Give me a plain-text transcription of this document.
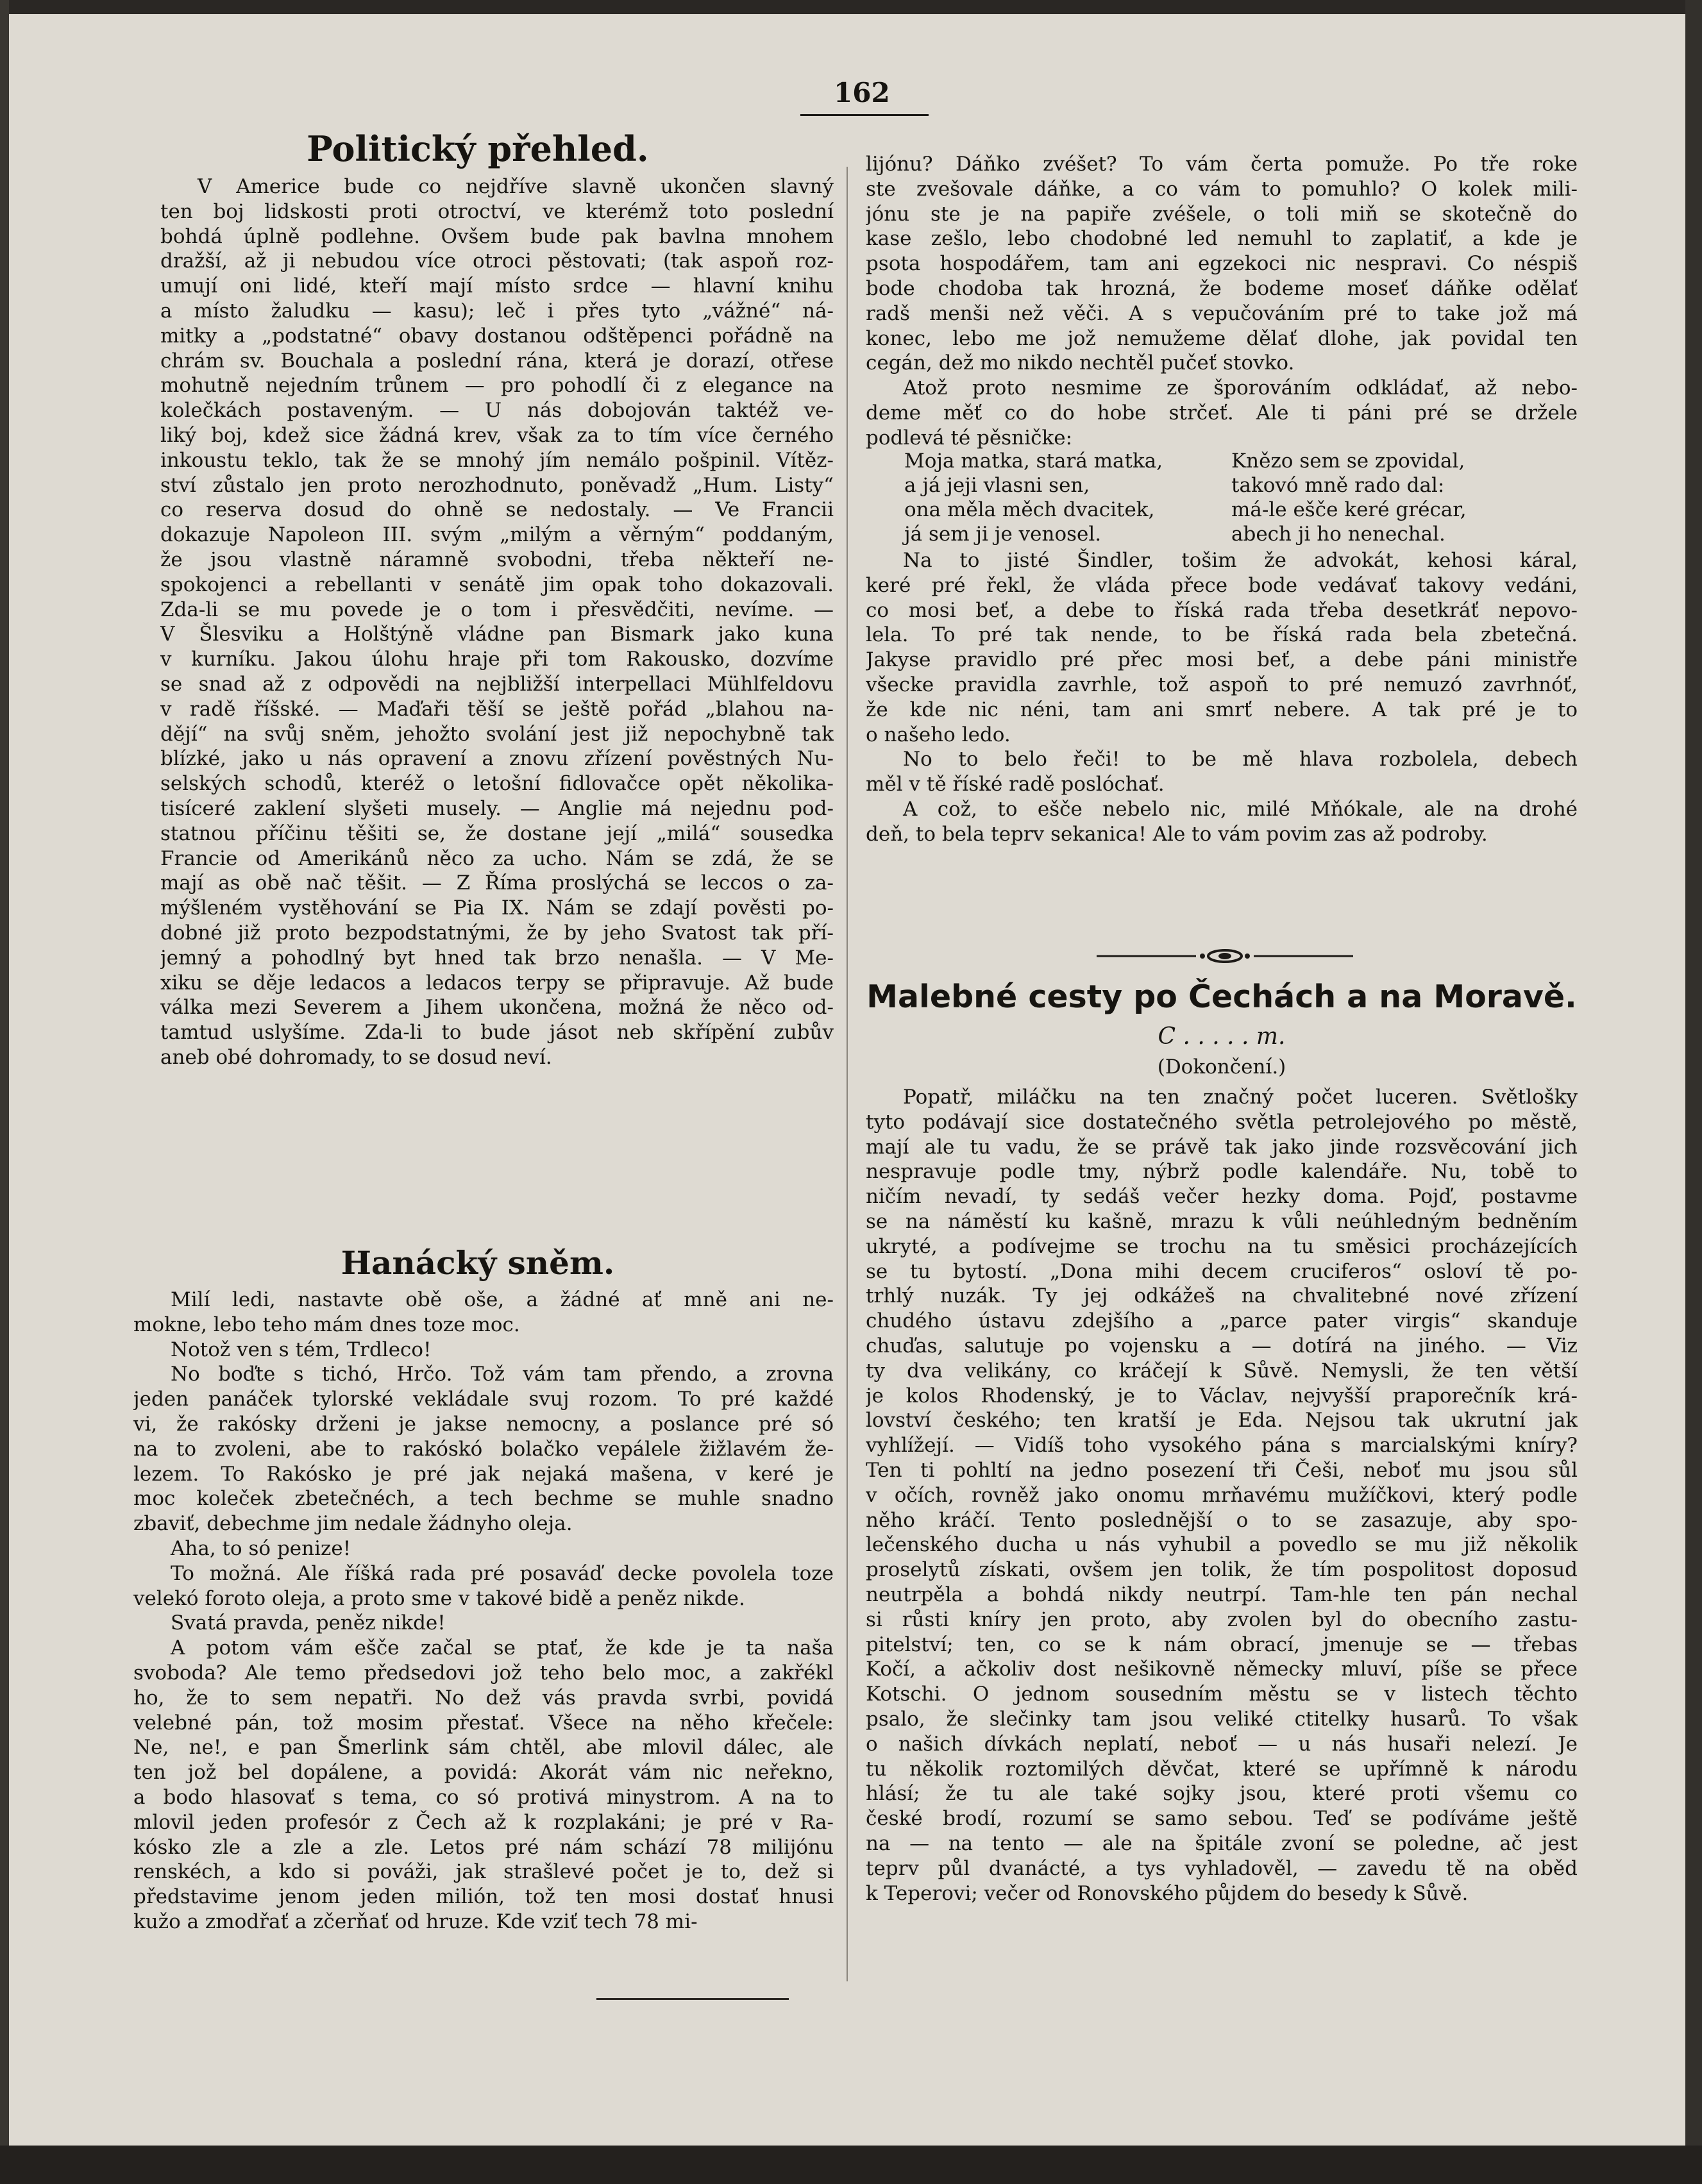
162
Politický přehled.
V Americe bude co nejdříve slavně ukončen slavný
ten boj lidskosti proti otroctví, ve kterémž toto poslední
bohdá úplně podlehne. Ovšem bude pak bavlna mnohem
dražší, až ji nebudou více otroci pěstovati; (tak aspoň roz-
umují oni lidé, kteří mají místo srdce — hlavní knihu
a místo žaludku — kasu); leč i přes tyto „vážné“ ná-
mitky a „podstatné“ obavy dostanou odštěpenci pořádně na
chrám sv. Bouchala a poslední rána, která je dorazí, otřese
mohutně nejedním trůnem — pro pohodlí či z elegance na
kolečkách postaveným. — U nás dobojován taktéž ve-
liký boj, kdež sice žádná krev, však za to tím více černého
inkoustu teklo, tak že se mnohý jím nemálo pošpinil. Vítěz-
ství zůstalo jen proto nerozhodnuto, poněvadž „Hum. Listy“
co reserva dosud do ohně se nedostaly. — Ve Francii
dokazuje Napoleon III. svým „milým a věrným“ poddaným,
že jsou vlastně náramně svobodni, třeba někteří ne-
spokojenci a rebellanti v senátě jim opak toho dokazovali.
Zda-li se mu povede je o tom i přesvědčiti, nevíme. —
V Šlesviku a Holštýně vládne pan Bismark jako kuna
v kurníku. Jakou úlohu hraje při tom Rakousko, dozvíme
se snad až z odpovědi na nejbližší interpellaci Mühlfeldovu
v radě říšské. — Maďaři těší se ještě pořád „blahou na-
dějí“ na svůj sněm, jehožto svolání jest již nepochybně tak
blízké, jako u nás opravení a znovu zřízení pověstných Nu-
selských schodů, kteréž o letošní fidlovačce opět několika-
tisíceré zaklení slyšeti musely. — Anglie má nejednu pod-
statnou příčinu těšiti se, že dostane její „milá“ sousedka
Francie od Amerikánů něco za ucho. Nám se zdá, že se
mají as obě nač těšit. — Z Říma proslýchá se leccos o za-
mýšleném vystěhování se Pia IX. Nám se zdají pověsti po-
dobné již proto bezpodstatnými, že by jeho Svatost tak pří-
jemný a pohodlný byt hned tak brzo nenašla. — V Me-
xiku se děje ledacos a ledacos terpy se připravuje. Až bude
válka mezi Severem a Jihem ukončena, možná že něco od-
tamtud uslyšíme. Zda-li to bude jásot neb skřípění zubův
aneb obé dohromady, to se dosud neví.
Hanácký sněm.
Milí ledi, nastavte obě oše, a žádné ať mně ani ne-
mokne, lebo teho mám dnes toze moc.
Notož ven s tém, Trdleco!
No boďte s tichó, Hrčo. Tož vám tam přendo, a zrovna
jeden panáček tylorské vekládale svuj rozom. To pré každé
vi, že rakósky drženi je jakse nemocny, a poslance pré só
na to zvoleni, abe to rakóskó bolačko vepálele žižlavém že-
lezem. To Rakósko je pré jak nejaká mašena, v keré je
moc koleček zbetečnéch, a tech bechme se muhle snadno
zbaviť, debechme jim nedale žádnyho oleja.
Aha, to só penize!
To možná. Ale říšká rada pré posaváď decke povolela toze
velekó foroto oleja, a proto sme v takové bidě a peněz nikde.
Svatá pravda, peněz nikde!
A potom vám ešče začal se ptať, že kde je ta naša
svoboda? Ale temo předsedovi jož teho belo moc, a zakřékl
ho, že to sem nepatři. No dež vás pravda svrbi, povidá
velebné pán, tož mosim přestať. Všece na něho křečele:
Ne, ne!, e pan Šmerlink sám chtěl, abe mlovil dálec, ale
ten jož bel dopálene, a povidá: Akorát vám nic neřekno,
a bodo hlasovať s tema, co só protivá minystrom. A na to
mlovil jeden profesór z Čech až k rozplakáni; je pré v Ra-
kósko zle a zle a zle. Letos pré nám schází 78 milijónu
renskéch, a kdo si pováži, jak strašlevé počet je to, dež si
představime jenom jeden milión, tož ten mosi dostať hnusi
kužo a zmodřať a zčerňať od hruze. Kde vziť tech 78 mi-
lijónu? Dáňko zvéšet? To vám čerta pomuže. Po tře roke
ste zvešovale dáňke, a co vám to pomuhlo? O kolek mili-
jónu ste je na papiře zvéšele, o toli miň se skotečně do
kase zešlo, lebo chodobné led nemuhl to zaplatiť, a kde je
psota hospodářem, tam ani egzekoci nic nespravi. Co néspiš
bode chodoba tak hrozná, že bodeme moseť dáňke odělať
radš menši než věči. A s vepučováním pré to take jož má
konec, lebo me jož nemužeme dělať dlohe, jak povidal ten
cegán, dež mo nikdo nechtěl pučeť stovko.
Atož proto nesmime ze šporováním odkládať, až nebo-
deme měť co do hobe strčeť. Ale ti páni pré se držele
podlevá té pěsničke:
Moja matka, stará matka,
a já jeji vlasni sen,
ona měla měch dvacitek,
já sem ji je venosel.
Knězo sem se zpovidal,
takovó mně rado dal:
má-le ešče keré grécar,
abech ji ho nenechal.
Na to jisté Šindler, tošim že advokát, kehosi káral,
keré pré řekl, že vláda přece bode vedávať takovy vedáni,
co mosi beť, a debe to říská rada třeba desetkráť nepovo-
lela. To pré tak nende, to be říská rada bela zbetečná.
Jakyse pravidlo pré přec mosi beť, a debe páni ministře
všecke pravidla zavrhle, tož aspoň to pré nemuzó zavrhnóť,
že kde nic néni, tam ani smrť nebere. A tak pré je to
o našeho ledo.
No to belo řeči! to be mě hlava rozbolela, debech
měl v tě říské radě poslóchať.
A což, to ešče nebelo nic, milé Mňókale, ale na drohé
deň, to bela teprv sekanica! Ale to vám povim zas až podroby.
Malebné cesty po Čechách a na Moravě.
C . . . . . m.
(Dokončení.)
Popatř, miláčku na ten značný počet luceren. Světlošky
tyto podávají sice dostatečného světla petrolejového po městě,
mají ale tu vadu, že se právě tak jako jinde rozsvěcování jich
nespravuje podle tmy, nýbrž podle kalendáře. Nu, tobě to
ničím nevadí, ty sedáš večer hezky doma. Pojď, postavme
se na náměstí ku kašně, mrazu k vůli neúhledným bedněním
ukryté, a podívejme se trochu na tu směsici procházejících
se tu bytostí. „Dona mihi decem cruciferos“ osloví tě po-
trhlý nuzák. Ty jej odkážeš na chvalitebné nové zřízení
chudého ústavu zdejšího a „parce pater virgis“ skanduje
chuďas, salutuje po vojensku a — dotírá na jiného. — Viz
ty dva velikány, co kráčejí k Sůvě. Nemysli, že ten větší
je kolos Rhodenský, je to Václav, nejvyšší praporečník krá-
lovství českého; ten kratší je Eda. Nejsou tak ukrutní jak
vyhlížejí. — Vidíš toho vysokého pána s marcialskými kníry?
Ten ti pohltí na jedno posezení tři Češi, neboť mu jsou sůl
v očích, rovněž jako onomu mrňavému mužíčkovi, který podle
něho kráčí. Tento poslednější o to se zasazuje, aby spo-
lečenského ducha u nás vyhubil a povedlo se mu již několik
proselytů získati, ovšem jen tolik, že tím pospolitost doposud
neutrpěla a bohdá nikdy neutrpí. Tam-hle ten pán nechal
si růsti kníry jen proto, aby zvolen byl do obecního zastu-
pitelství; ten, co se k nám obrací, jmenuje se — třebas
Kočí, a ačkoliv dost nešikovně německy mluví, píše se přece
Kotschi. O jednom sousedním městu se v listech těchto
psalo, že slečinky tam jsou veliké ctitelky husarů. To však
o našich dívkách neplatí, neboť — u nás husaři nelezí. Je
tu několik roztomilých děvčat, které se upřímně k národu
hlásí; že tu ale také sojky jsou, které proti všemu co
české brodí, rozumí se samo sebou. Teď se podíváme ještě
na — na tento — ale na špitále zvoní se poledne, ač jest
teprv půl dvanácté, a tys vyhladověl, — zavedu tě na oběd
k Teperovi; večer od Ronovského půjdem do besedy k Sůvě.
